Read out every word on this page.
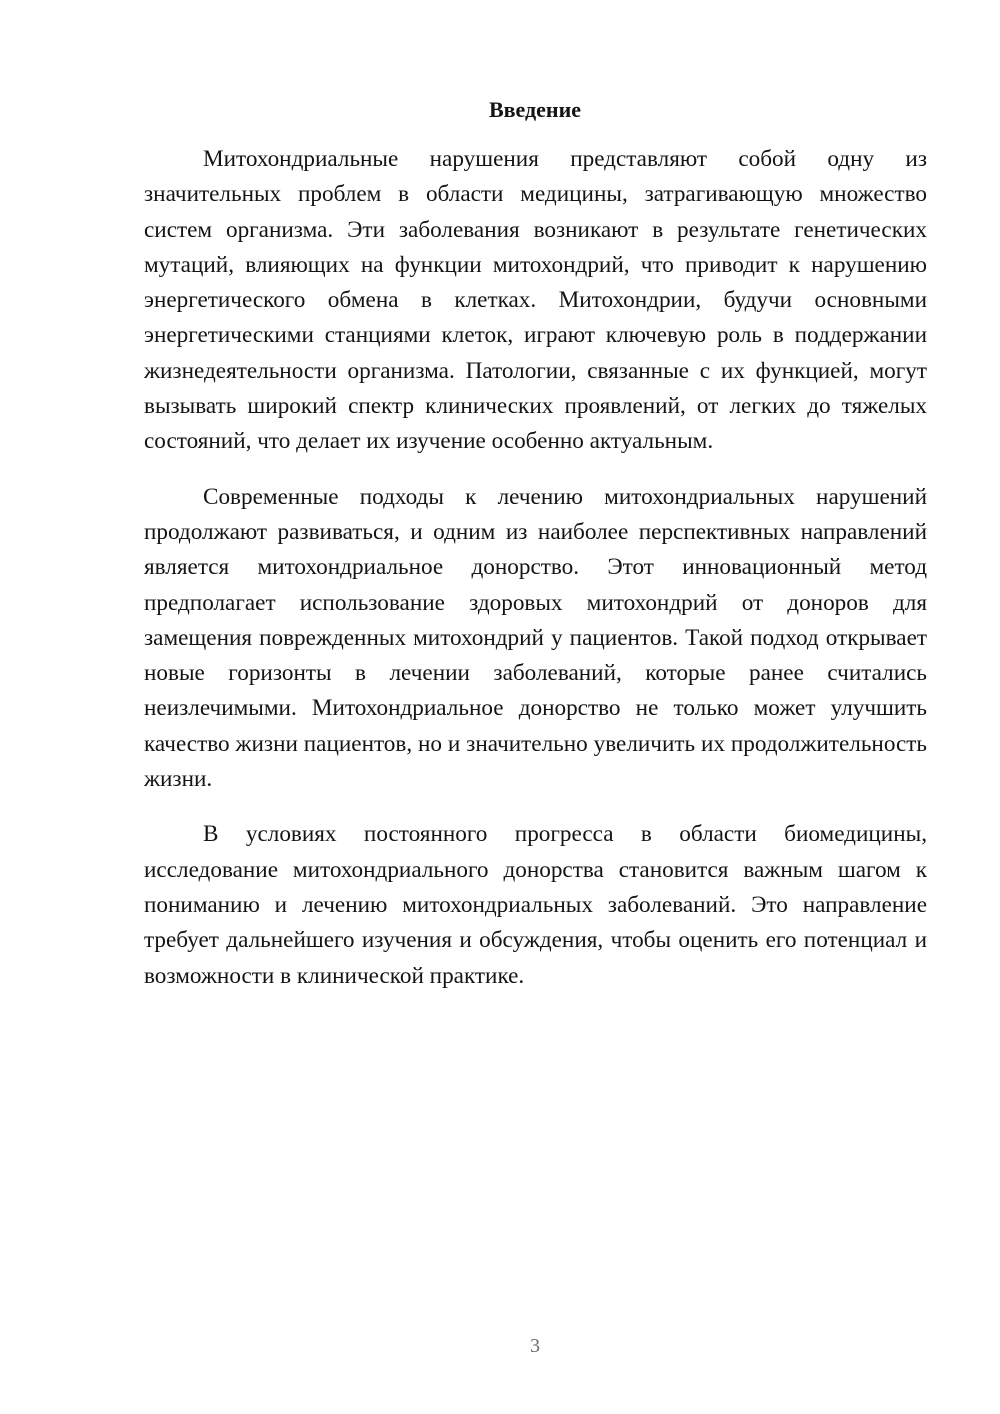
Введение

Митохондриальные нарушения представляют собой одну из значительных проблем в области медицины, затрагивающую множество систем организма. Эти заболевания возникают в результате генетических мутаций, влияющих на функции митохондрий, что приводит к нарушению энергетического обмена в клетках. Митохондрии, будучи основными энергетическими станциями клеток, играют ключевую роль в поддержании жизнедеятельности организма. Патологии, связанные с их функцией, могут вызывать широкий спектр клинических проявлений, от легких до тяжелых состояний, что делает их изучение особенно актуальным.

Современные подходы к лечению митохондриальных нарушений продолжают развиваться, и одним из наиболее перспективных направлений является митохондриальное донорство. Этот инновационный метод предполагает использование здоровых митохондрий от доноров для замещения поврежденных митохондрий у пациентов. Такой подход открывает новые горизонты в лечении заболеваний, которые ранее считались неизлечимыми. Митохондриальное донорство не только может улучшить качество жизни пациентов, но и значительно увеличить их продолжительность жизни.

В условиях постоянного прогресса в области биомедицины, исследование митохондриального донорства становится важным шагом к пониманию и лечению митохондриальных заболеваний. Это направление требует дальнейшего изучения и обсуждения, чтобы оценить его потенциал и возможности в клинической практике.

3
